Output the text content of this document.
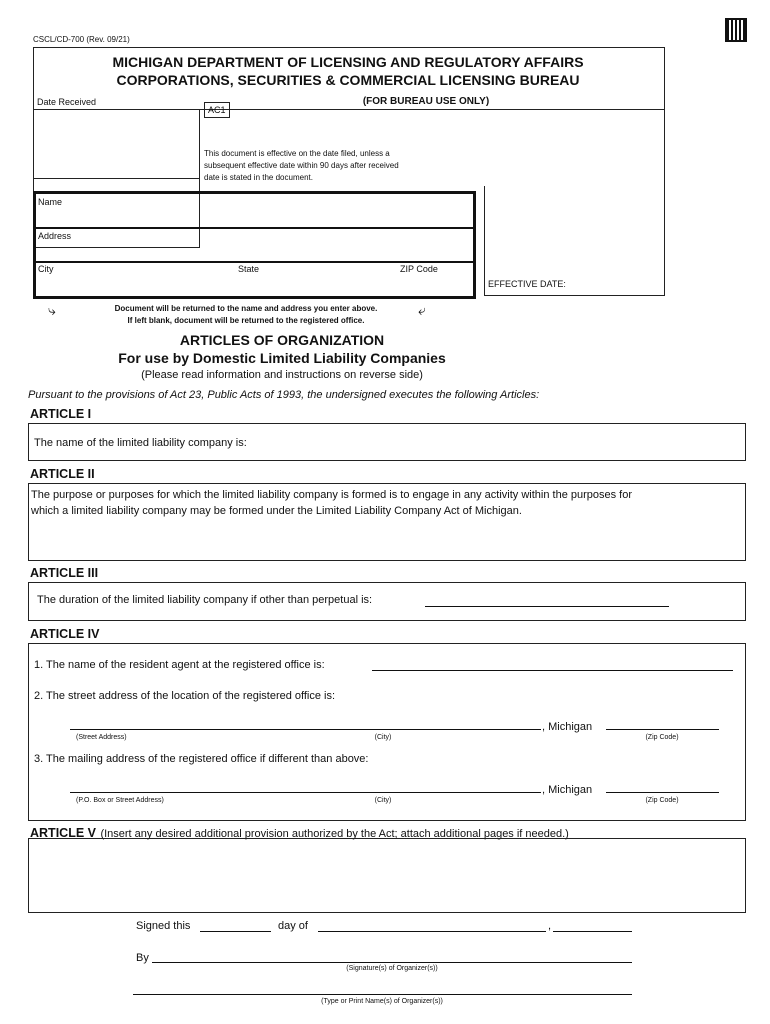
CSCL/CD-700 (Rev. 09/21)
MICHIGAN DEPARTMENT OF LICENSING AND REGULATORY AFFAIRS
CORPORATIONS, SECURITIES & COMMERCIAL LICENSING BUREAU
Date Received	(FOR BUREAU USE ONLY)
AC1
This document is effective on the date filed, unless a
subsequent effective date within 90 days after received
date is stated in the document.
EFFECTIVE DATE:
Name
Address
City	State	ZIP Code
⤷	⤶
Document will be returned to the name and address you enter above.
If left blank, document will be returned to the registered office.
ARTICLES OF ORGANIZATION
For use by Domestic Limited Liability Companies
(Please read information and instructions on reverse side)
Pursuant to the provisions of Act 23, Public Acts of 1993, the undersigned executes the following Articles:
ARTICLE I
The name of the limited liability company is:
ARTICLE II
The purpose or purposes for which the limited liability company is formed is to engage in any activity within the purposes for
which a limited liability company may be formed under the Limited Liability Company Act of Michigan.
ARTICLE III
The duration of the limited liability company if other than perpetual is:
ARTICLE IV
1. The name of the resident agent at the registered office is:
2. The street address of the location of the registered office is:
, Michigan
(Street Address)	(City)	(Zip Code)
3. The mailing address of the registered office if different than above:
, Michigan
(P.O. Box or Street Address)	(City)	(Zip Code)
ARTICLE V (Insert any desired additional provision authorized by the Act; attach additional pages if needed.)
Signed this	day of	,
By
(Signature(s) of Organizer(s))
(Type or Print Name(s) of Organizer(s))
